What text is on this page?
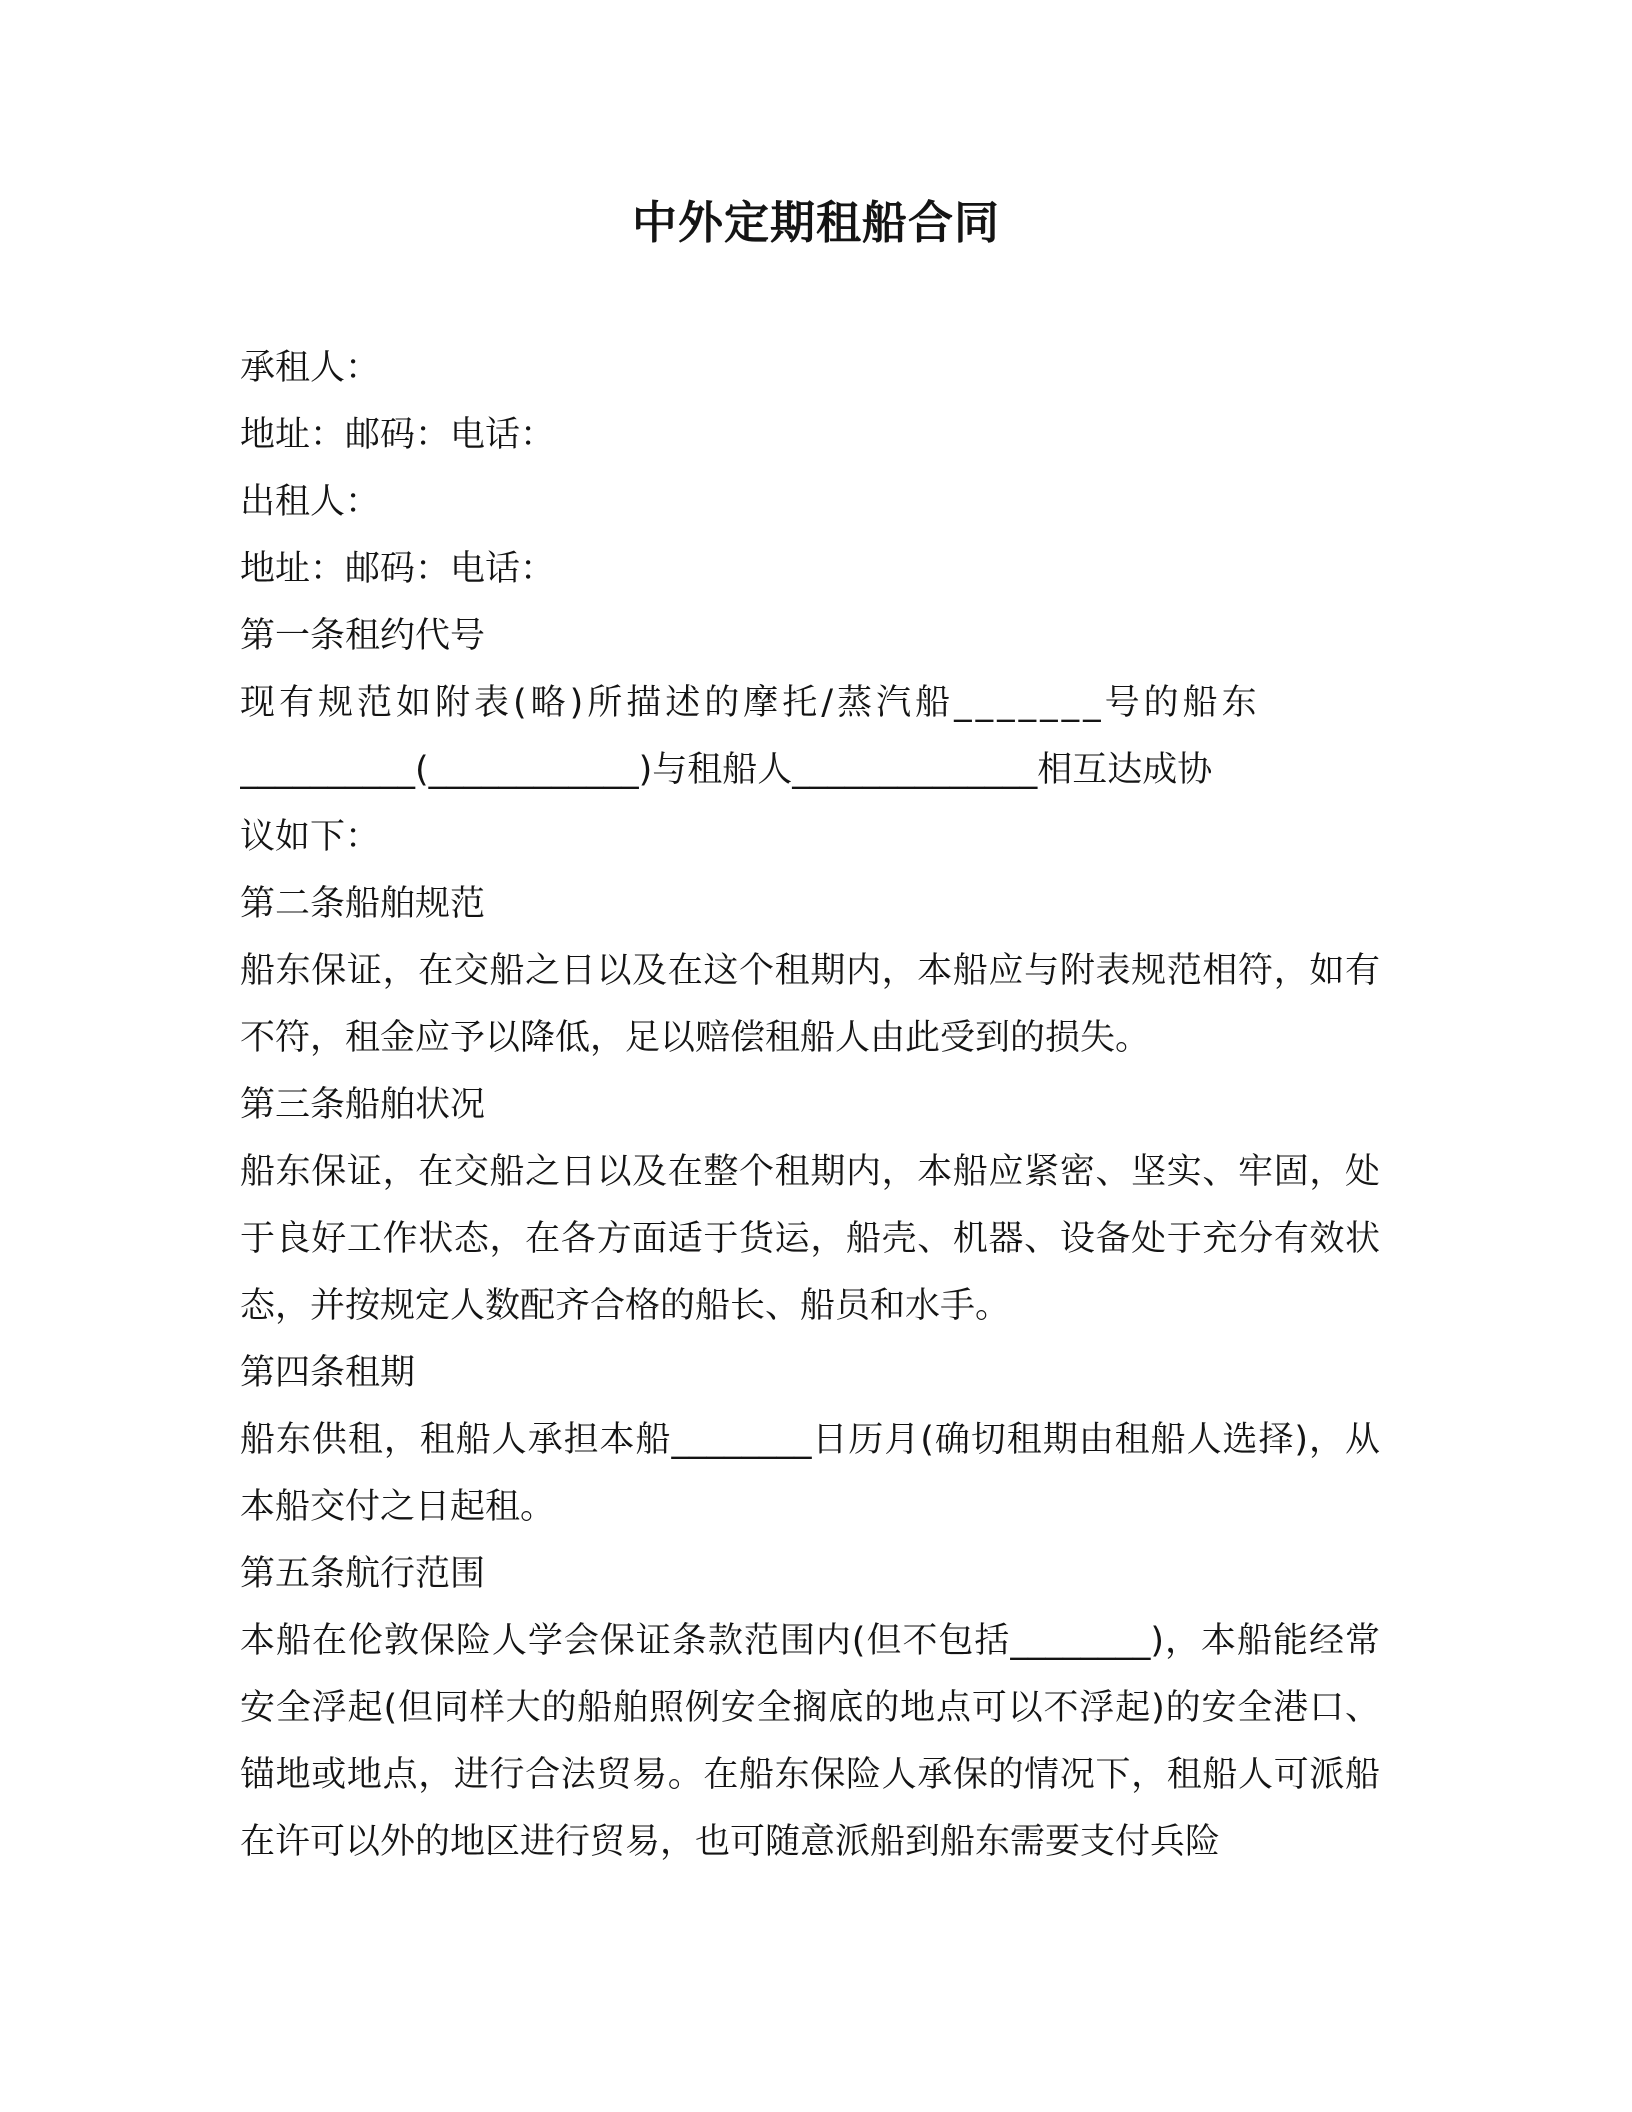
中外定期租船合同
承租人：
地址：邮码：电话：
出租人：
地址：邮码：电话：
第一条租约代号
现有规范如附表(略)所描述的摩托/蒸汽船_______号的船东
__________(____________)与租船人______________相互达成协
议如下：
第二条船舶规范
船东保证，在交船之日以及在这个租期内，本船应与附表规范相符，如有不符，租金应予以降低，足以赔偿租船人由此受到的损失。
第三条船舶状况
船东保证，在交船之日以及在整个租期内，本船应紧密、坚实、牢固，处于良好工作状态，在各方面适于货运，船壳、机器、设备处于充分有效状态，并按规定人数配齐合格的船长、船员和水手。
第四条租期
船东供租，租船人承担本船________日历月(确切租期由租船人选择)，从本船交付之日起租。
第五条航行范围
本船在伦敦保险人学会保证条款范围内(但不包括________)，本船能经常安全浮起(但同样大的船舶照例安全搁底的地点可以不浮起)的安全港口、锚地或地点，进行合法贸易。在船东保险人承保的情况下，租船人可派船在许可以外的地区进行贸易，也可随意派船到船东需要支付兵险
